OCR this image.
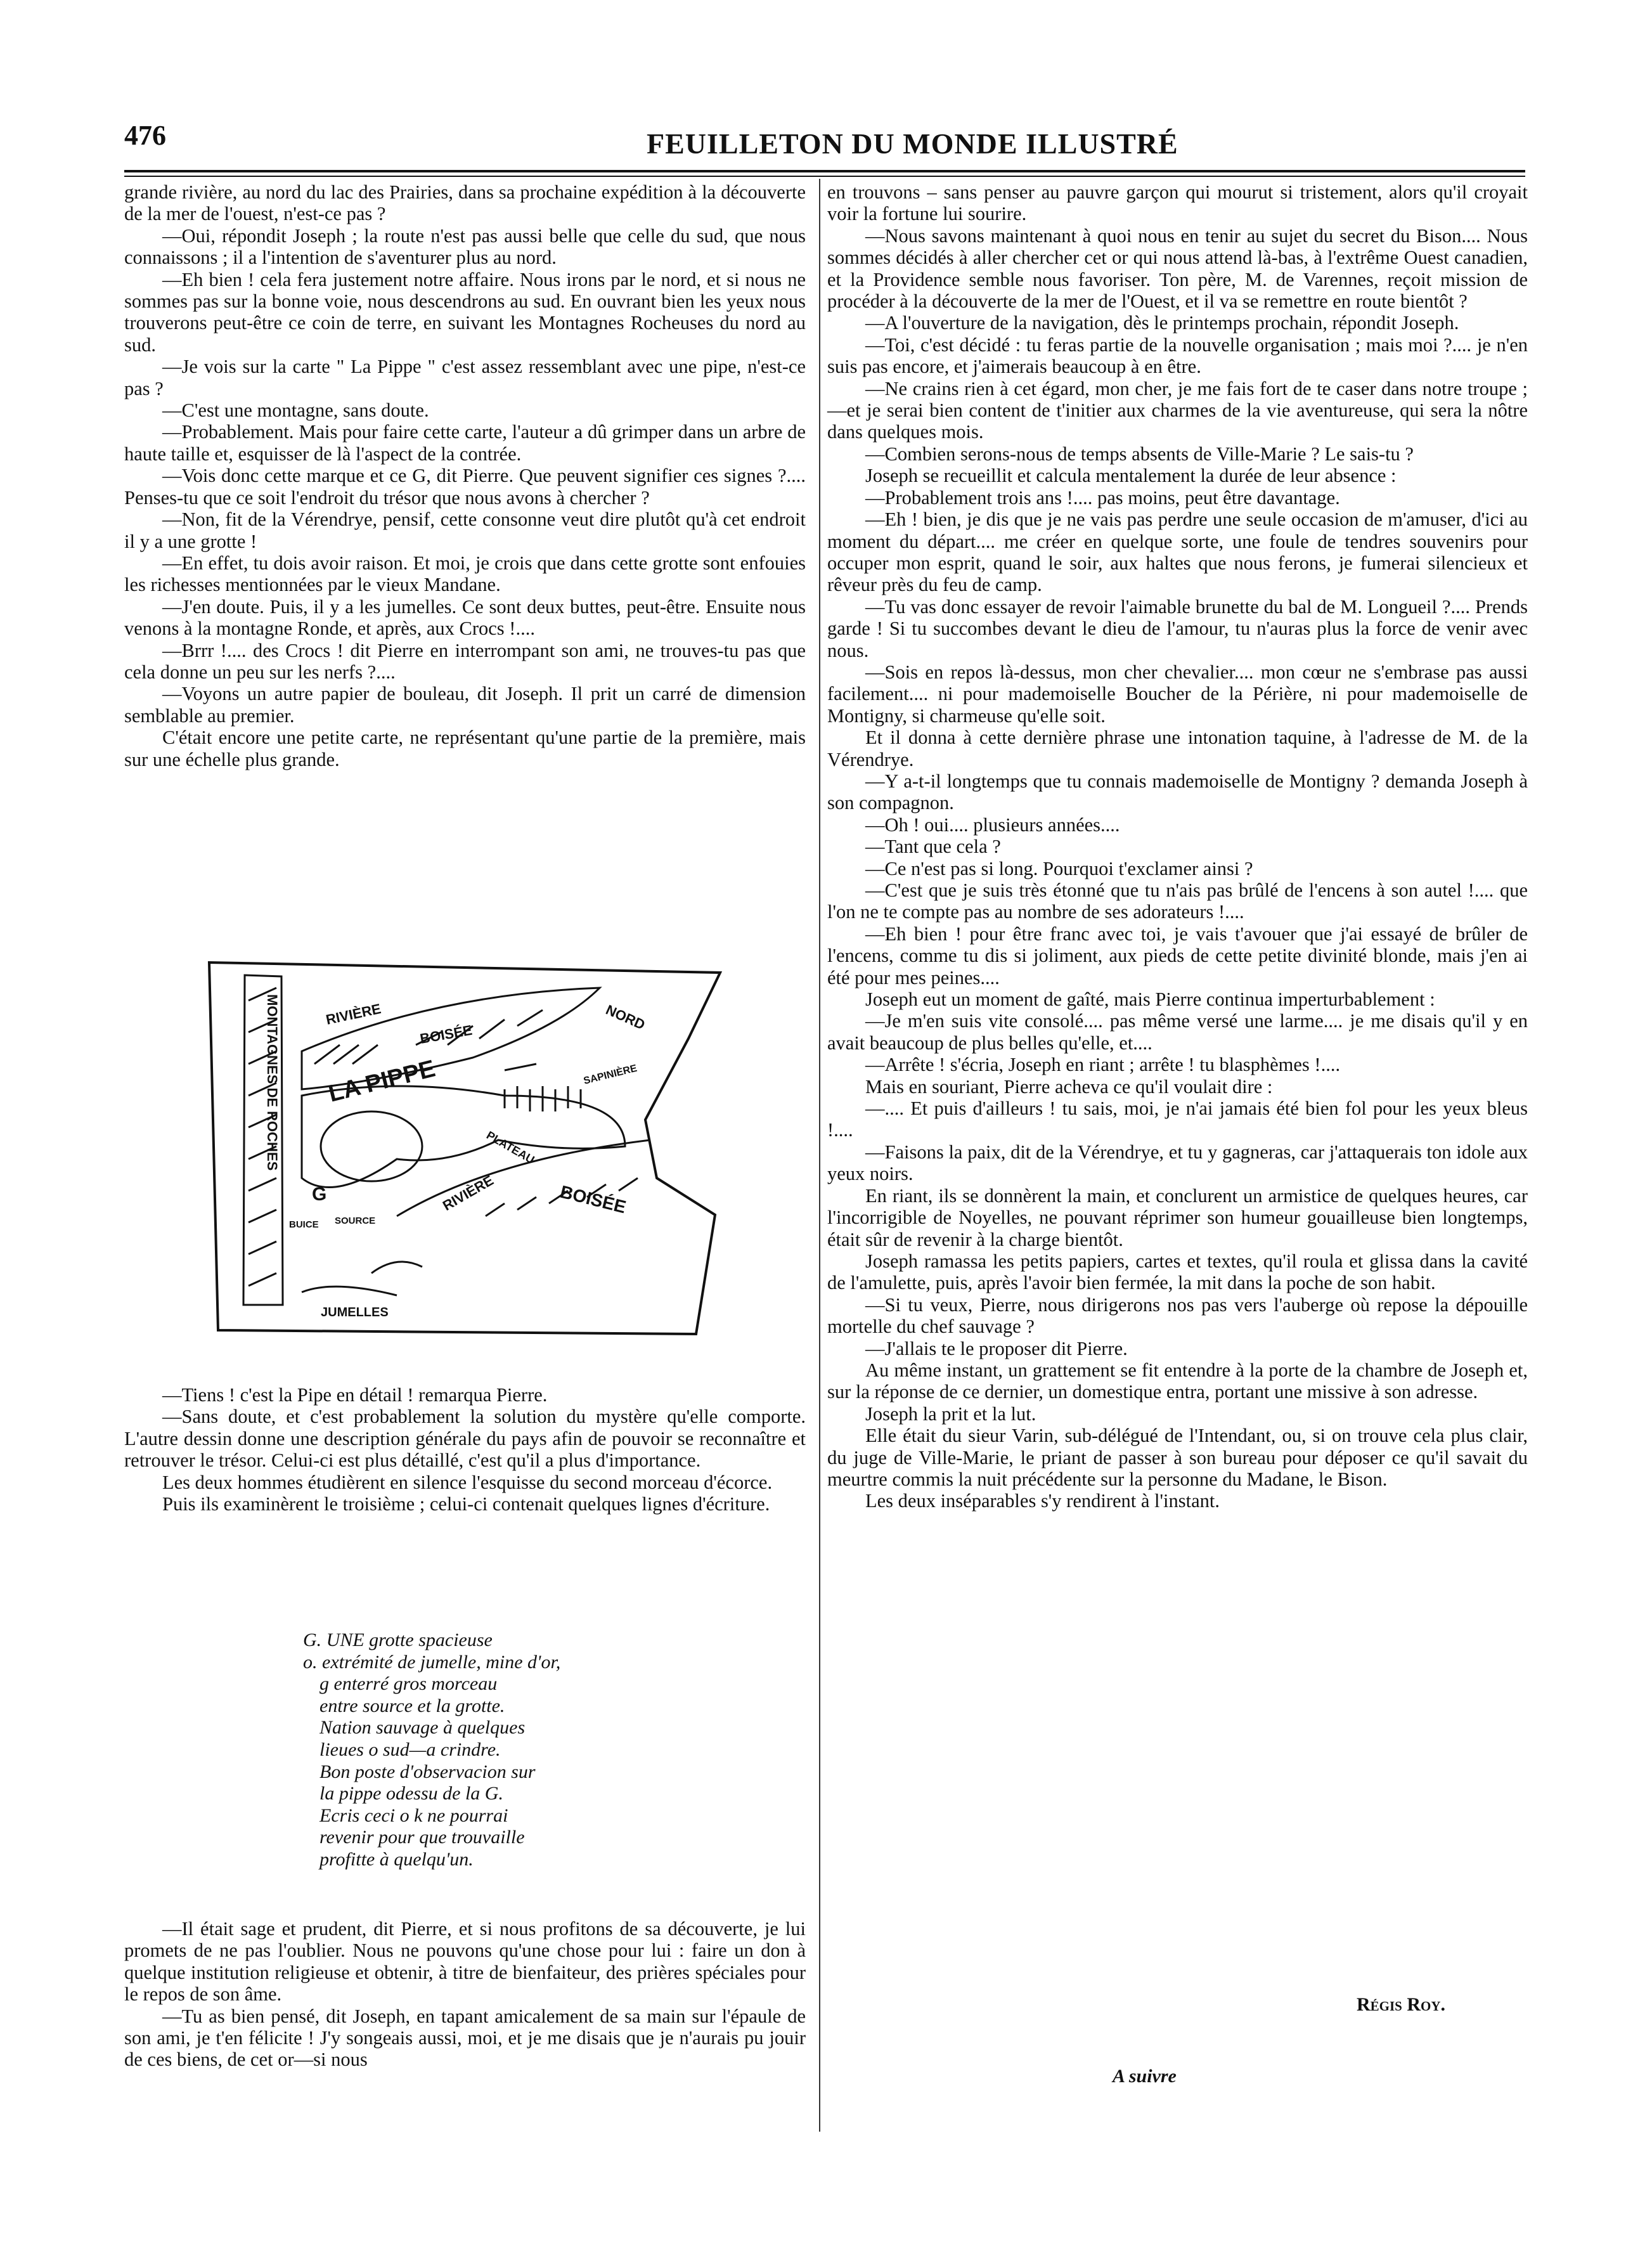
476	FEUILLETON DU MONDE ILLUSTRÉ

grande rivière, au nord du lac des Prairies, dans sa prochaine expédition à la découverte de la mer de l'ouest, n'est-ce pas ?

—Oui, répondit Joseph ; la route n'est pas aussi belle que celle du sud, que nous connaissons ; il a l'intention de s'aventurer plus au nord.

—Eh bien ! cela fera justement notre affaire. Nous irons par le nord, et si nous ne sommes pas sur la bonne voie, nous descendrons au sud. En ouvrant bien les yeux nous trouverons peut-être ce coin de terre, en suivant les Montagnes Rocheuses du nord au sud.

—Je vois sur la carte " La Pippe " c'est assez ressemblant avec une pipe, n'est-ce pas ?

—C'est une montagne, sans doute.

—Probablement. Mais pour faire cette carte, l'auteur a dû grimper dans un arbre de haute taille et, esquisser de là l'aspect de la contrée.

—Vois donc cette marque et ce G, dit Pierre. Que peuvent signifier ces signes ?.... Penses-tu que ce soit l'endroit du trésor que nous avons à chercher ?

—Non, fit de la Vérendrye, pensif, cette consonne veut dire plutôt qu'à cet endroit il y a une grotte !

—En effet, tu dois avoir raison. Et moi, je crois que dans cette grotte sont enfouies les richesses mentionnées par le vieux Mandane.

—J'en doute. Puis, il y a les jumelles. Ce sont deux buttes, peut-être. Ensuite nous venons à la montagne Ronde, et après, aux Crocs !....

—Brrr !.... des Crocs ! dit Pierre en interrompant son ami, ne trouves-tu pas que cela donne un peu sur les nerfs ?....

—Voyons un autre papier de bouleau, dit Joseph. Il prit un carré de dimension semblable au premier.

C'était encore une petite carte, ne représentant qu'une partie de la première, mais sur une échelle plus grande.

MONTAGNES DE ROCHES	NORD
RIVIÈRE
BOISÉE
LA PIPPE
PLATEAU
SAPINIÈRE
G
SOURCE
BUICE
RIVIÈRE	BOISÉE
JUMELLES

—Tiens ! c'est la Pipe en détail ! remarqua Pierre.

—Sans doute, et c'est probablement la solution du mystère qu'elle comporte. L'autre dessin donne une description générale du pays afin de pouvoir se reconnaître et retrouver le trésor. Celui-ci est plus détaillé, c'est qu'il a plus d'importance.

Les deux hommes étudièrent en silence l'esquisse du second morceau d'écorce.

Puis ils examinèrent le troisième ; celui-ci contenait quelques lignes d'écriture.

G. UNE grotte spacieuse
o. extrémité de jumelle, mine d'or,
g enterré gros morceau
entre source et la grotte.
Nation sauvage à quelques
lieues o sud—a crindre.
Bon poste d'observacion sur
la pippe odessu de la G.
Ecris ceci o k ne pourrai
revenir pour que trouvaille
profitte à quelqu'un.

—Il était sage et prudent, dit Pierre, et si nous profitons de sa découverte, je lui promets de ne pas l'oublier. Nous ne pouvons qu'une chose pour lui : faire un don à quelque institution religieuse et obtenir, à titre de bienfaiteur, des prières spéciales pour le repos de son âme.

—Tu as bien pensé, dit Joseph, en tapant amicalement de sa main sur l'épaule de son ami, je t'en félicite ! J'y songeais aussi, moi, et je me disais que je n'aurais pu jouir de ces biens, de cet or—si nous

en trouvons – sans penser au pauvre garçon qui mourut si tristement, alors qu'il croyait voir la fortune lui sourire.

—Nous savons maintenant à quoi nous en tenir au sujet du secret du Bison.... Nous sommes décidés à aller chercher cet or qui nous attend là-bas, à l'extrême Ouest canadien, et la Providence semble nous favoriser. Ton père, M. de Varennes, reçoit mission de procéder à la découverte de la mer de l'Ouest, et il va se remettre en route bientôt ?

—A l'ouverture de la navigation, dès le printemps prochain, répondit Joseph.

—Toi, c'est décidé : tu feras partie de la nouvelle organisation ; mais moi ?.... je n'en suis pas encore, et j'aimerais beaucoup à en être.

—Ne crains rien à cet égard, mon cher, je me fais fort de te caser dans notre troupe ;—et je serai bien content de t'initier aux charmes de la vie aventureuse, qui sera la nôtre dans quelques mois.

—Combien serons-nous de temps absents de Ville-Marie ? Le sais-tu ?

Joseph se recueillit et calcula mentalement la durée de leur absence :

—Probablement trois ans !.... pas moins, peut être davantage.

—Eh ! bien, je dis que je ne vais pas perdre une seule occasion de m'amuser, d'ici au moment du départ.... me créer en quelque sorte, une foule de tendres souvenirs pour occuper mon esprit, quand le soir, aux haltes que nous ferons, je fumerai silencieux et rêveur près du feu de camp.

—Tu vas donc essayer de revoir l'aimable brunette du bal de M. Longueil ?.... Prends garde ! Si tu succombes devant le dieu de l'amour, tu n'auras plus la force de venir avec nous.

—Sois en repos là-dessus, mon cher chevalier.... mon cœur ne s'embrase pas aussi facilement.... ni pour mademoiselle Boucher de la Périère, ni pour mademoiselle de Montigny, si charmeuse qu'elle soit.

Et il donna à cette dernière phrase une intonation taquine, à l'adresse de M. de la Vérendrye.

—Y a-t-il longtemps que tu connais mademoiselle de Montigny ? demanda Joseph à son compagnon.

—Oh ! oui.... plusieurs années....

—Tant que cela ?

—Ce n'est pas si long. Pourquoi t'exclamer ainsi ?

—C'est que je suis très étonné que tu n'ais pas brûlé de l'encens à son autel !.... que l'on ne te compte pas au nombre de ses adorateurs !....

—Eh bien ! pour être franc avec toi, je vais t'avouer que j'ai essayé de brûler de l'encens, comme tu dis si joliment, aux pieds de cette petite divinité blonde, mais j'en ai été pour mes peines....

Joseph eut un moment de gaîté, mais Pierre continua imperturbablement :

—Je m'en suis vite consolé.... pas même versé une larme.... je me disais qu'il y en avait beaucoup de plus belles qu'elle, et....

—Arrête ! s'écria, Joseph en riant ; arrête ! tu blasphèmes !....

Mais en souriant, Pierre acheva ce qu'il voulait dire :

—.... Et puis d'ailleurs ! tu sais, moi, je n'ai jamais été bien fol pour les yeux bleus !....

—Faisons la paix, dit de la Vérendrye, et tu y gagneras, car j'attaquerais ton idole aux yeux noirs.

En riant, ils se donnèrent la main, et conclurent un armistice de quelques heures, car l'incorrigible de Noyelles, ne pouvant réprimer son humeur gouailleuse bien longtemps, était sûr de revenir à la charge bientôt.

Joseph ramassa les petits papiers, cartes et textes, qu'il roula et glissa dans la cavité de l'amulette, puis, après l'avoir bien fermée, la mit dans la poche de son habit.

—Si tu veux, Pierre, nous dirigerons nos pas vers l'auberge où repose la dépouille mortelle du chef sauvage ?

—J'allais te le proposer dit Pierre.

Au même instant, un grattement se fit entendre à la porte de la chambre de Joseph et, sur la réponse de ce dernier, un domestique entra, portant une missive à son adresse.

Joseph la prit et la lut.

Elle était du sieur Varin, sub-délégué de l'Intendant, ou, si on trouve cela plus clair, du juge de Ville-Marie, le priant de passer à son bureau pour déposer ce qu'il savait du meurtre commis la nuit précédente sur la personne du Madane, le Bison.

Les deux inséparables s'y rendirent à l'instant.

Régis Roy.
A suivre
